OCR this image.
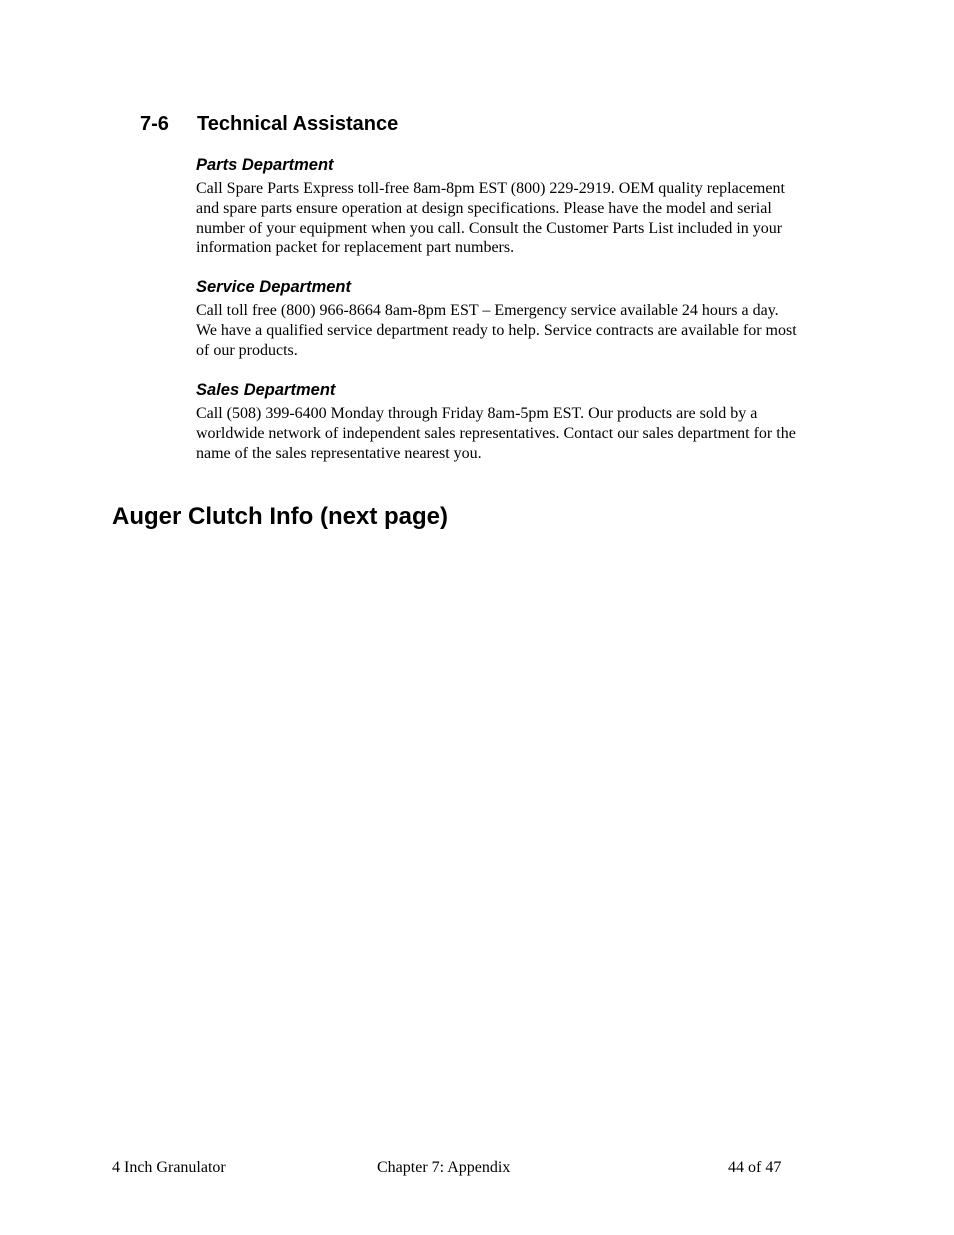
7-6 Technical Assistance
Parts Department

Call Spare Parts Express toll-free 8am-8pm EST (800) 229-2919. OEM quality replacement
and spare parts ensure operation at design specifications. Please have the model and serial
number of your equipment when you call. Consult the Customer Parts List included in your
information packet for replacement part numbers.

Service Department

Call toll free (800) 966-8664 8am-8pm EST – Emergency service available 24 hours a day.
We have a qualified service department ready to help. Service contracts are available for most
of our products.

Sales Department

Call (508) 399-6400 Monday through Friday 8am-5pm EST. Our products are sold by a
worldwide network of independent sales representatives. Contact our sales department for the
name of the sales representative nearest you.

Auger Clutch Info (next page)
4 Inch Granulator	Chapter 7: Appendix	44 of 47
